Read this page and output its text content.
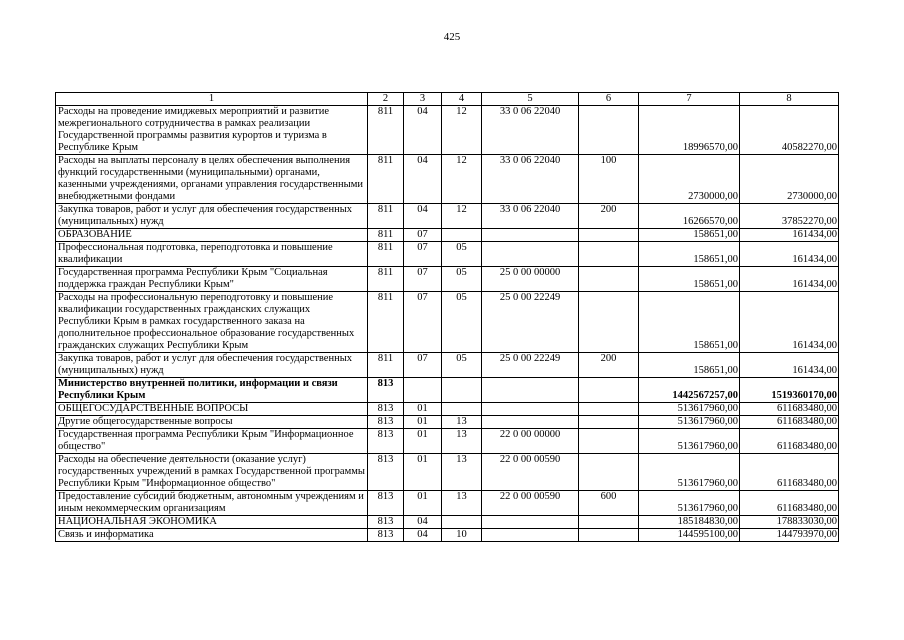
425
1	2	3	4	5	6	7	8
Расходы на проведение имиджевых мероприятий и развитие межрегионального сотрудничества в рамках реализации Государственной программы развития курортов и туризма в Республике Крым	811	04	12	33 0 06 22040		18996570,00	40582270,00
Расходы на выплаты персоналу в целях обеспечения выполнения функций государственными (муниципальными) органами, казенными учреждениями, органами управления государственными внебюджетными фондами	811	04	12	33 0 06 22040	100	2730000,00	2730000,00
Закупка товаров, работ и услуг для обеспечения государственных (муниципальных) нужд	811	04	12	33 0 06 22040	200	16266570,00	37852270,00
ОБРАЗОВАНИЕ	811	07				158651,00	161434,00
Профессиональная подготовка, переподготовка и повышение квалификации	811	07	05			158651,00	161434,00
Государственная программа Республики Крым "Социальная поддержка граждан Республики Крым"	811	07	05	25 0 00 00000		158651,00	161434,00
Расходы на профессиональную переподготовку и повышение квалификации государственных гражданских служащих Республики Крым в рамках государственного заказа на дополнительное профессиональное образование государственных гражданских служащих Республики Крым	811	07	05	25 0 00 22249		158651,00	161434,00
Закупка товаров, работ и услуг для обеспечения государственных (муниципальных) нужд	811	07	05	25 0 00 22249	200	158651,00	161434,00
Министерство внутренней политики, информации и связи Республики Крым	813					1442567257,00	1519360170,00
ОБЩЕГОСУДАРСТВЕННЫЕ ВОПРОСЫ	813	01				513617960,00	611683480,00
Другие общегосударственные вопросы	813	01	13			513617960,00	611683480,00
Государственная программа Республики Крым "Информационное общество"	813	01	13	22 0 00 00000		513617960,00	611683480,00
Расходы на обеспечение деятельности (оказание услуг) государственных учреждений в рамках Государственной программы Республики Крым "Информационное общество"	813	01	13	22 0 00 00590		513617960,00	611683480,00
Предоставление субсидий бюджетным, автономным учреждениям и иным некоммерческим организациям	813	01	13	22 0 00 00590	600	513617960,00	611683480,00
НАЦИОНАЛЬНАЯ ЭКОНОМИКА	813	04				185184830,00	178833030,00
Связь и информатика	813	04	10			144595100,00	144793970,00
